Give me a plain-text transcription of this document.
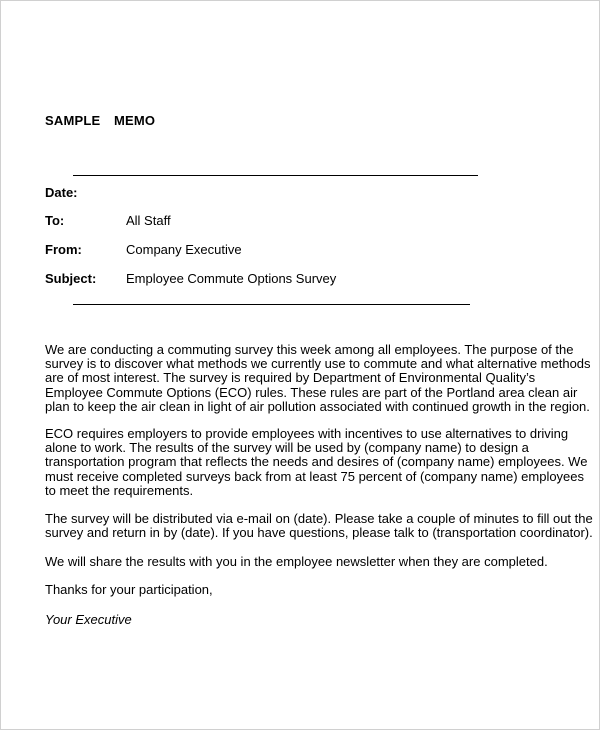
SAMPLE  MEMO
Date:
To:	All Staff
From:	Company Executive
Subject: Employee Commute Options Survey
We are conducting a commuting survey this week among all employees. The purpose of the
survey is to discover what methods we currently use to commute and what alternative methods
are of most interest. The survey is required by Department of Environmental Quality’s
Employee Commute Options (ECO) rules. These rules are part of the Portland area clean air
plan to keep the air clean in light of air pollution associated with continued growth in the region.
ECO requires employers to provide employees with incentives to use alternatives to driving
alone to work. The results of the survey will be used by (company name) to design a
transportation program that reflects the needs and desires of (company name) employees. We
must receive completed surveys back from at least 75 percent of (company name) employees
to meet the requirements.
The survey will be distributed via e-mail on (date). Please take a couple of minutes to fill out the
survey and return in by (date). If you have questions, please talk to (transportation coordinator).
We will share the results with you in the employee newsletter when they are completed.
Thanks for your participation,
Your Executive
